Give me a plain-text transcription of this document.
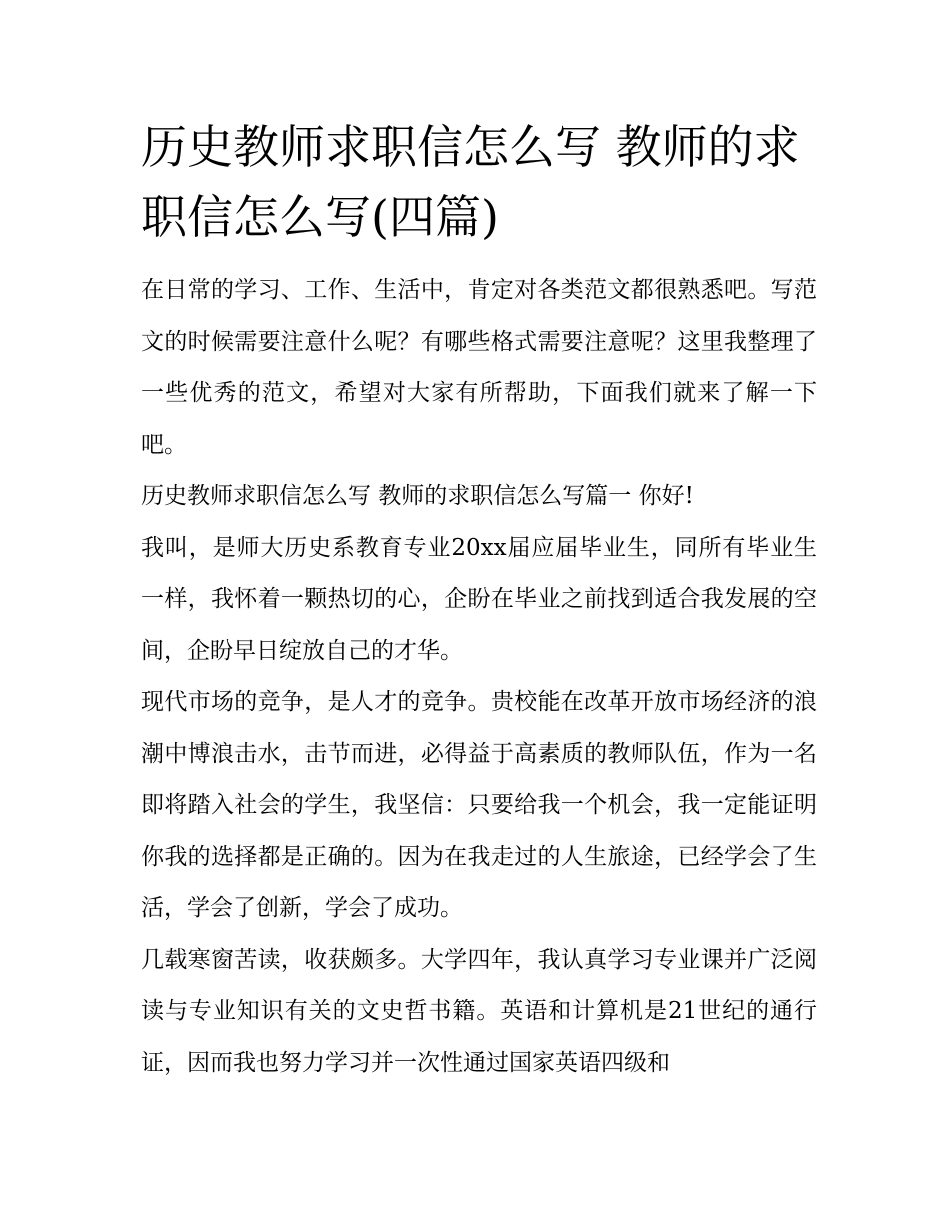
历史教师求职信怎么写 教师的求职信怎么写(四篇)

在日常的学习、工作、生活中，肯定对各类范文都很熟悉吧。写范文的时候需要注意什么呢？有哪些格式需要注意呢？这里我整理了一些优秀的范文，希望对大家有所帮助，下面我们就来了解一下吧。

历史教师求职信怎么写 教师的求职信怎么写篇一 你好!

我叫，是师大历史系教育专业20xx届应届毕业生，同所有毕业生一样，我怀着一颗热切的心，企盼在毕业之前找到适合我发展的空间，企盼早日绽放自己的才华。

现代市场的竞争，是人才的竞争。贵校能在改革开放市场经济的浪潮中博浪击水，击节而进，必得益于高素质的教师队伍，作为一名即将踏入社会的学生，我坚信：只要给我一个机会，我一定能证明你我的选择都是正确的。因为在我走过的人生旅途，已经学会了生活，学会了创新，学会了成功。

几载寒窗苦读，收获颇多。大学四年，我认真学习专业课并广泛阅读与专业知识有关的文史哲书籍。英语和计算机是21世纪的通行证，因而我也努力学习并一次性通过国家英语四级和
